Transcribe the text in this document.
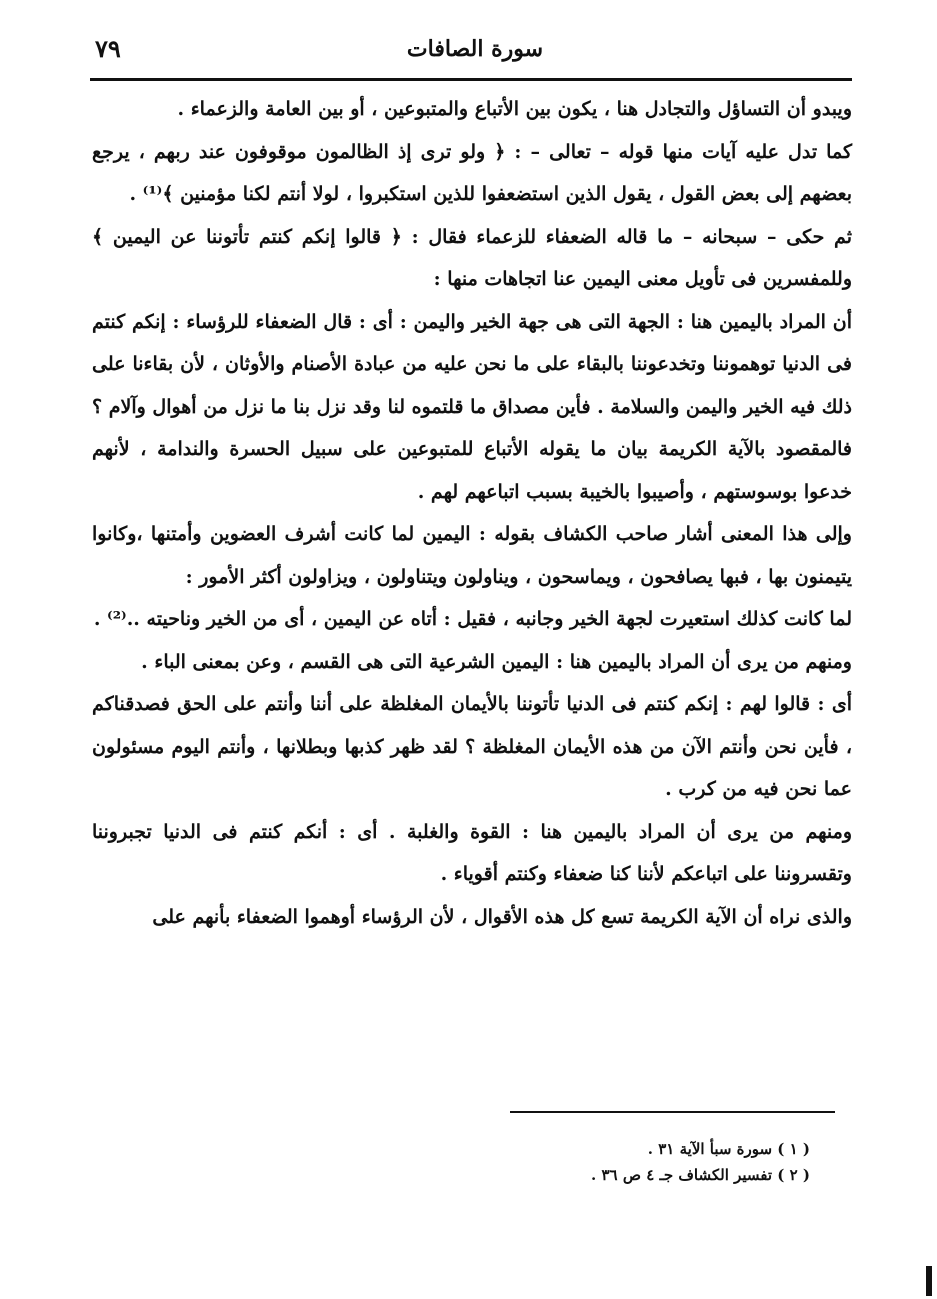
سورة الصافات
٧٩

ويبدو أن التساؤل والتجادل هنا ، يكون بين الأتباع والمتبوعين ، أو بين العامة والزعماء .

كما تدل عليه آيات منها قوله – تعالى – : ﴿ ولو ترى إذ الظالمون موقوفون عند ربهم ، يرجع بعضهم إلى بعض القول ، يقول الذين استضعفوا للذين استكبروا ، لولا أنتم لكنا مؤمنين ﴾⁽¹⁾ .

ثم حكى – سبحانه – ما قاله الضعفاء للزعماء فقال : ﴿ قالوا إنكم كنتم تأتوننا عن اليمين ﴾ وللمفسرين فى تأويل معنى اليمين عنا اتجاهات منها :

أن المراد باليمين هنا : الجهة التى هى جهة الخير واليمن : أى : قال الضعفاء للرؤساء : إنكم كنتم فى الدنيا توهموننا وتخدعوننا بالبقاء على ما نحن عليه من عبادة الأصنام والأوثان ، لأن بقاءنا على ذلك فيه الخير واليمن والسلامة . فأين مصداق ما قلتموه لنا وقد نزل بنا ما نزل من أهوال وآلام ؟

فالمقصود بالآية الكريمة بيان ما يقوله الأتباع للمتبوعين على سبيل الحسرة والندامة ، لأنهم خدعوا بوسوستهم ، وأصيبوا بالخيبة بسبب اتباعهم لهم .

وإلى هذا المعنى أشار صاحب الكشاف بقوله : اليمين لما كانت أشرف العضوين وأمتنها ،وكانوا يتيمنون بها ، فبها يصافحون ، ويماسحون ، ويناولون ويتناولون ، ويزاولون أكثر الأمور :

لما كانت كذلك استعيرت لجهة الخير وجانبه ، فقيل : أتاه عن اليمين ، أى من الخير وناحيته ..⁽²⁾ .

ومنهم من يرى أن المراد باليمين هنا : اليمين الشرعية التى هى القسم ، وعن بمعنى الباء .

أى : قالوا لهم : إنكم كنتم فى الدنيا تأتوننا بالأيمان المغلظة على أننا وأنتم على الحق فصدقناكم ، فأين نحن وأنتم الآن من هذه الأيمان المغلظة ؟ لقد ظهر كذبها وبطلانها ، وأنتم اليوم مسئولون عما نحن فيه من كرب .

ومنهم من يرى أن المراد باليمين هنا : القوة والغلبة . أى : أنكم كنتم فى الدنيا تجبروننا وتقسروننا على اتباعكم لأننا كنا ضعفاء وكنتم أقوياء .

والذى نراه أن الآية الكريمة تسع كل هذه الأقوال ، لأن الرؤساء أوهموا الضعفاء بأنهم على

( ١ ) سورة سبأ الآية ٣١ .
( ٢ ) تفسير الكشاف جـ ٤ ص ٣٦ .
